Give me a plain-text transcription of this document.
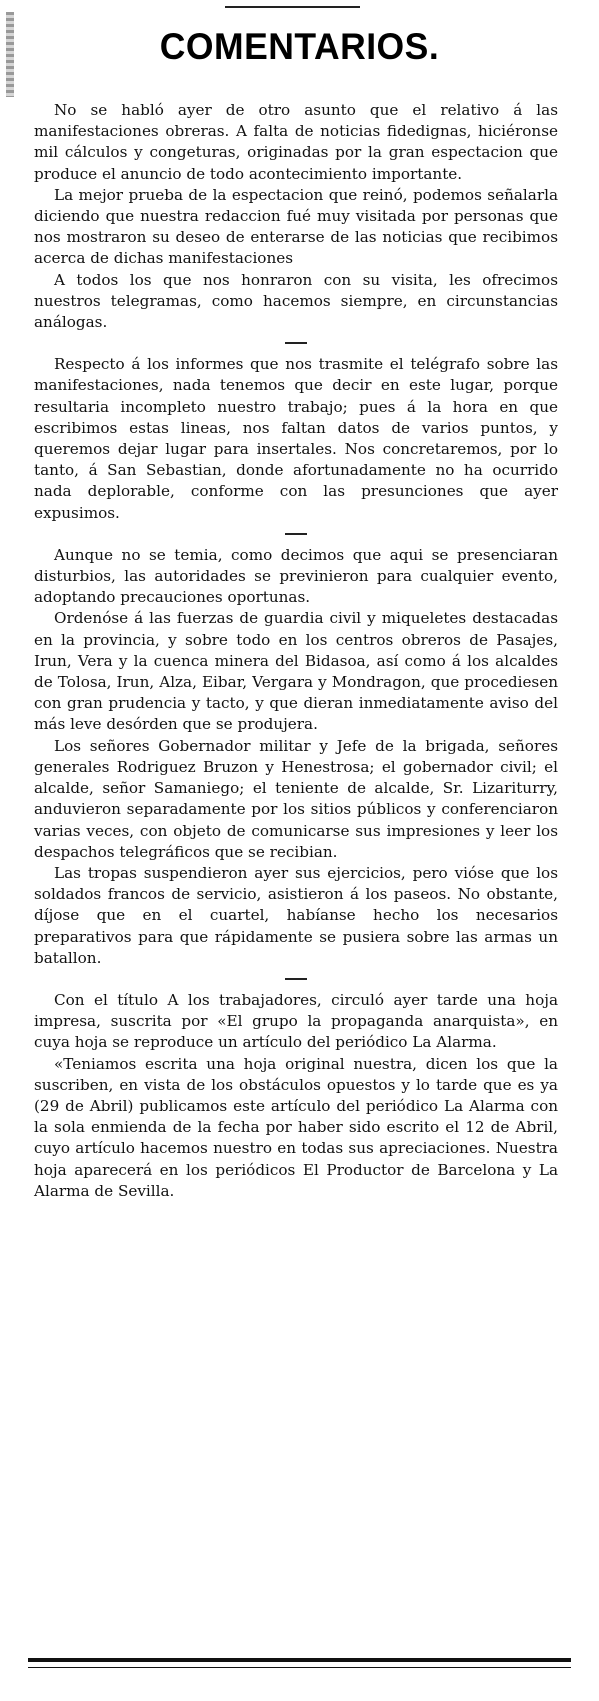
COMENTARIOS.

No se habló ayer de otro asunto que el relativo á las manifestaciones obreras. A falta de noticias fidedignas, hiciéronse mil cálculos y congeturas, originadas por la gran espectacion que produce el anuncio de todo acontecimiento importante.

La mejor prueba de la espectacion que reinó, podemos señalarla diciendo que nuestra redaccion fué muy visitada por personas que nos mostraron su deseo de enterarse de las noticias que recibimos acerca de dichas manifestaciones

A todos los que nos honraron con su visita, les ofrecimos nuestros telegramas, como hacemos siempre, en circunstancias análogas.

Respecto á los informes que nos trasmite el telégrafo sobre las manifestaciones, nada tenemos que decir en este lugar, porque resultaria incompleto nuestro trabajo; pues á la hora en que escribimos estas lineas, nos faltan datos de varios puntos, y queremos dejar lugar para insertales. Nos concretaremos, por lo tanto, á San Sebastian, donde afortunadamente no ha ocurrido nada deplorable, conforme con las presunciones que ayer expusimos.

Aunque no se temia, como decimos que aqui se presenciaran disturbios, las autoridades se previnieron para cualquier evento, adoptando precauciones oportunas.

Ordenóse á las fuerzas de guardia civil y miqueletes destacadas en la provincia, y sobre todo en los centros obreros de Pasajes, Irun, Vera y la cuenca minera del Bidasoa, así como á los alcaldes de Tolosa, Irun, Alza, Eibar, Vergara y Mondragon, que procediesen con gran prudencia y tacto, y que dieran inmediatamente aviso del más leve desórden que se produjera.

Los señores Gobernador militar y Jefe de la brigada, señores generales Rodriguez Bruzon y Henestrosa; el gobernador civil; el alcalde, señor Samaniego; el teniente de alcalde, Sr. Lizariturry, anduvieron separadamente por los sitios públicos y conferenciaron varias veces, con objeto de comunicarse sus impresiones y leer los despachos telegráficos que se recibian.

Las tropas suspendieron ayer sus ejercicios, pero vióse que los soldados francos de servicio, asistieron á los paseos. No obstante, díjose que en el cuartel, habíanse hecho los necesarios preparativos para que rápidamente se pusiera sobre las armas un batallon.

Con el título A los trabajadores, circuló ayer tarde una hoja impresa, suscrita por «El grupo la propaganda anarquista», en cuya hoja se reproduce un artículo del periódico La Alarma.

«Teniamos escrita una hoja original nuestra, dicen los que la suscriben, en vista de los obstáculos opuestos y lo tarde que es ya (29 de Abril) publicamos este artículo del periódico La Alarma con la sola enmienda de la fecha por haber sido escrito el 12 de Abril, cuyo artículo hacemos nuestro en todas sus apreciaciones. Nuestra hoja aparecerá en los periódicos El Productor de Barcelona y La Alarma de Sevilla.
